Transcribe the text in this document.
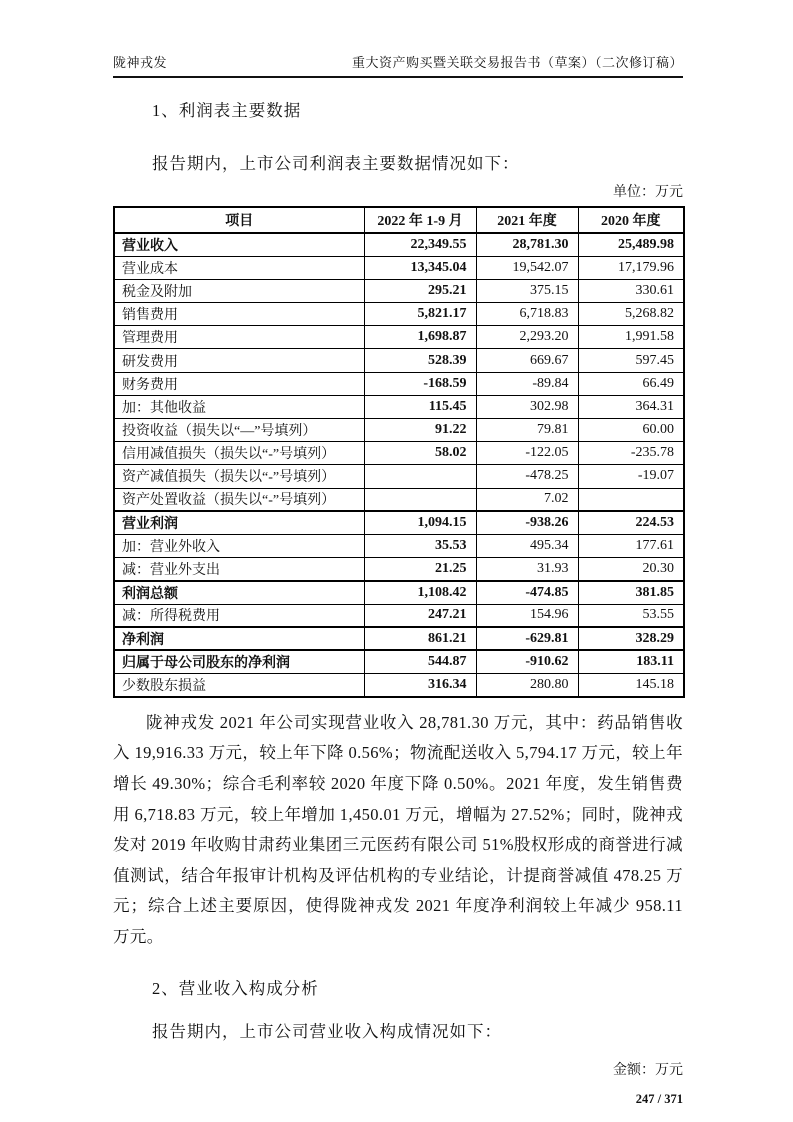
陇神戎发	重大资产购买暨关联交易报告书（草案）（二次修订稿）
1、利润表主要数据
报告期内，上市公司利润表主要数据情况如下：
单位：万元
项目	2022 年 1-9 月	2021 年度	2020 年度
营业收入	22,349.55	28,781.30	25,489.98
营业成本	13,345.04	19,542.07	17,179.96
税金及附加	295.21	375.15	330.61
销售费用	5,821.17	6,718.83	5,268.82
管理费用	1,698.87	2,293.20	1,991.58
研发费用	528.39	669.67	597.45
财务费用	-168.59	-89.84	66.49
加：其他收益	115.45	302.98	364.31
投资收益（损失以“—”号填列）	91.22	79.81	60.00
信用减值损失（损失以“-”号填列）	58.02	-122.05	-235.78
资产减值损失（损失以“-”号填列）		-478.25	-19.07
资产处置收益（损失以“-”号填列）		7.02	
营业利润	1,094.15	-938.26	224.53
加：营业外收入	35.53	495.34	177.61
减：营业外支出	21.25	31.93	20.30
利润总额	1,108.42	-474.85	381.85
减：所得税费用	247.21	154.96	53.55
净利润	861.21	-629.81	328.29
归属于母公司股东的净利润	544.87	-910.62	183.11
少数股东损益	316.34	280.80	145.18
陇神戎发 2021 年公司实现营业收入 28,781.30 万元，其中：药品销售收入 19,916.33 万元，较上年下降 0.56%；物流配送收入 5,794.17 万元，较上年增长 49.30%；综合毛利率较 2020 年度下降 0.50%。2021 年度，发生销售费用 6,718.83 万元，较上年增加 1,450.01 万元，增幅为 27.52%；同时，陇神戎发对 2019 年收购甘肃药业集团三元医药有限公司 51%股权形成的商誉进行减值测试，结合年报审计机构及评估机构的专业结论，计提商誉减值 478.25 万元；综合上述主要原因，使得陇神戎发 2021 年度净利润较上年减少 958.11 万元。
2、营业收入构成分析
报告期内，上市公司营业收入构成情况如下：
金额：万元
247 / 371
